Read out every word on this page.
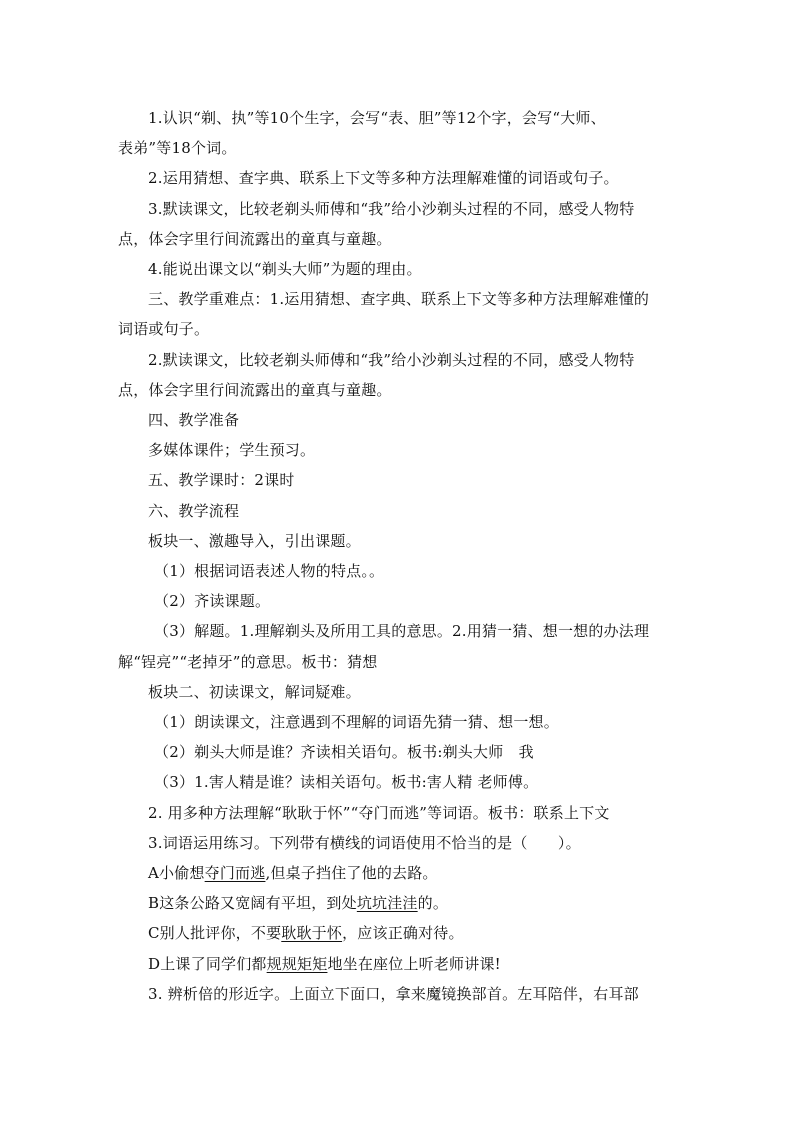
1.认识“剃、执”等10个生字，会写“表、胆”等12个字，会写“大师、

表弟”等18个词。

2.运用猜想、查字典、联系上下文等多种方法理解难懂的词语或句子。

3.默读课文，比较老剃头师傅和“我”给小沙剃头过程的不同，感受人物特

点，体会字里行间流露出的童真与童趣。

4.能说出课文以“剃头大师”为题的理由。

三、教学重难点：1.运用猜想、查字典、联系上下文等多种方法理解难懂的

词语或句子。

2.默读课文，比较老剃头师傅和“我”给小沙剃头过程的不同，感受人物特

点，体会字里行间流露出的童真与童趣。

四、教学准备

多媒体课件；学生预习。

五、教学课时：2课时

六、教学流程

板块一、激趣导入，引出课题。

（1）根据词语表述人物的特点。。

（2）齐读课题。

（3）解题。1.理解剃头及所用工具的意思。2.用猜一猜、想一想的办法理

解“锃亮”“老掉牙”的意思。板书：猜想

板块二、初读课文，解词疑难。

（1）朗读课文，注意遇到不理解的词语先猜一猜、想一想。

（2）剃头大师是谁？齐读相关语句。板书:剃头大师　我

（3）1.害人精是谁？读相关语句。板书:害人精 老师傅。

2. 用多种方法理解“耿耿于怀”“夺门而逃”等词语。板书：联系上下文

3.词语运用练习。下列带有横线的词语使用不恰当的是（　　）。

A小偷想夺门而逃,但桌子挡住了他的去路。

B这条公路又宽阔有平坦，到处坑坑洼洼的。

C别人批评你，不要耿耿于怀，应该正确对待。

D上课了同学们都规规矩矩地坐在座位上听老师讲课!

3. 辨析倍的形近字。上面立下面口，拿来魔镜换部首。左耳陪伴，右耳部
